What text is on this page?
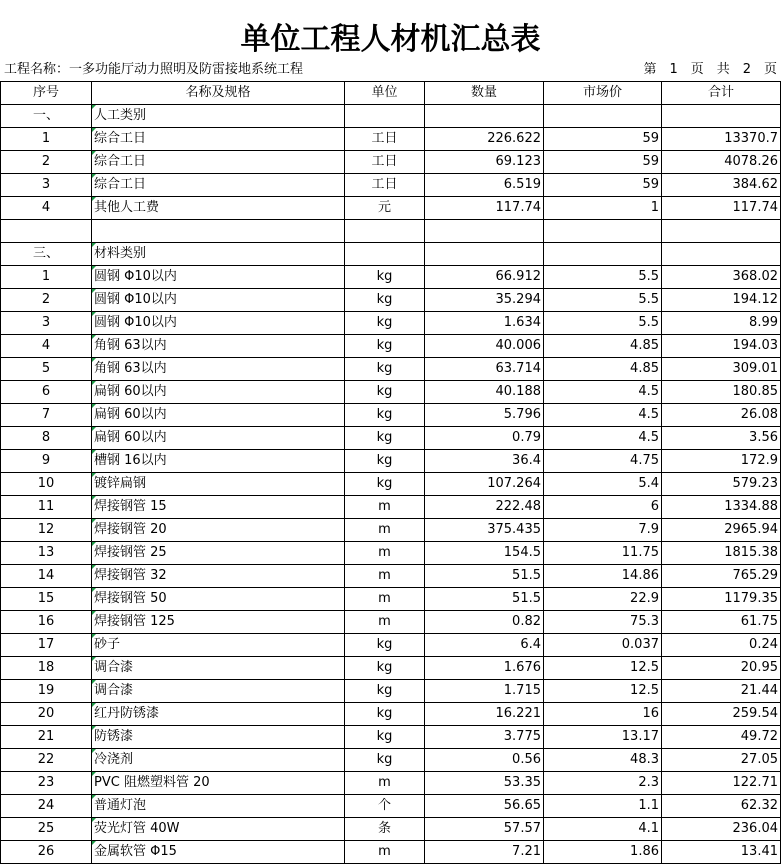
单位工程人材机汇总表
工程名称：一多功能厅动力照明及防雷接地系统工程	第　1　页　共　2　页
序号	名称及规格	单位	数量	市场价	合计
一、	人工类别				
1	综合工日	工日	226.622	59	13370.7
2	综合工日	工日	69.123	59	4078.26
3	综合工日	工日	6.519	59	384.62
4	其他人工费	元	117.74	1	117.74

三、	材料类别				
1	圆钢 Φ10以内	kg	66.912	5.5	368.02
2	圆钢 Φ10以内	kg	35.294	5.5	194.12
3	圆钢 Φ10以内	kg	1.634	5.5	8.99
4	角钢 63以内	kg	40.006	4.85	194.03
5	角钢 63以内	kg	63.714	4.85	309.01
6	扁钢 60以内	kg	40.188	4.5	180.85
7	扁钢 60以内	kg	5.796	4.5	26.08
8	扁钢 60以内	kg	0.79	4.5	3.56
9	槽钢 16以内	kg	36.4	4.75	172.9
10	镀锌扁钢	kg	107.264	5.4	579.23
11	焊接钢管 15	m	222.48	6	1334.88
12	焊接钢管 20	m	375.435	7.9	2965.94
13	焊接钢管 25	m	154.5	11.75	1815.38
14	焊接钢管 32	m	51.5	14.86	765.29
15	焊接钢管 50	m	51.5	22.9	1179.35
16	焊接钢管 125	m	0.82	75.3	61.75
17	砂子	kg	6.4	0.037	0.24
18	调合漆	kg	1.676	12.5	20.95
19	调合漆	kg	1.715	12.5	21.44
20	红丹防锈漆	kg	16.221	16	259.54
21	防锈漆	kg	3.775	13.17	49.72
22	冷浇剂	kg	0.56	48.3	27.05
23	PVC 阻燃塑料管 20	m	53.35	2.3	122.71
24	普通灯泡	个	56.65	1.1	62.32
25	荧光灯管 40W	条	57.57	4.1	236.04
26	金属软管 Φ15	m	7.21	1.86	13.41
